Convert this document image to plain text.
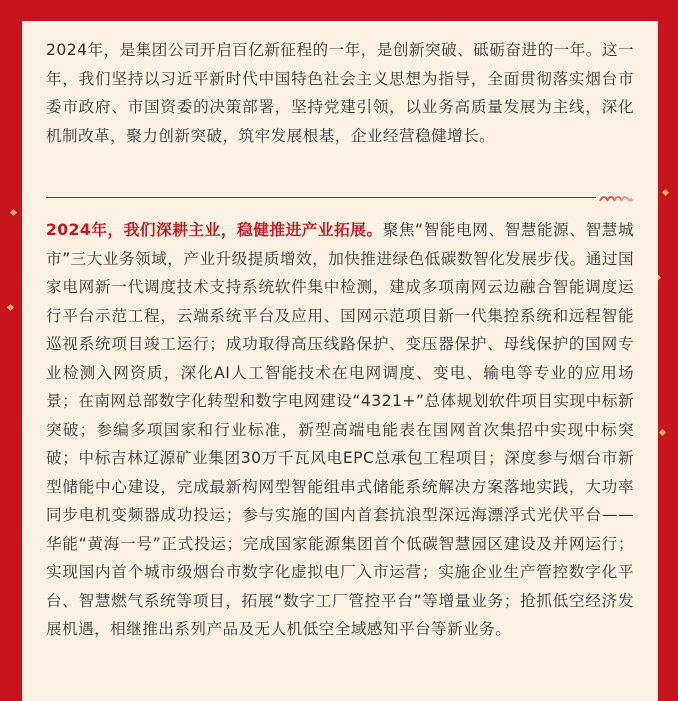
2024年，是集团公司开启百亿新征程的一年，是创新突破、砥砺奋进的一年。这一年，我们坚持以习近平新时代中国特色社会主义思想为指导，全面贯彻落实烟台市委市政府、市国资委的决策部署，坚持党建引领，以业务高质量发展为主线，深化机制改革，聚力创新突破，筑牢发展根基，企业经营稳健增长。

2024年，我们深耕主业，稳健推进产业拓展。聚焦“智能电网、智慧能源、智慧城市”三大业务领域，产业升级提质增效，加快推进绿色低碳数智化发展步伐。通过国家电网新一代调度技术支持系统软件集中检测，建成多项南网云边融合智能调度运行平台示范工程，云端系统平台及应用、国网示范项目新一代集控系统和远程智能巡视系统项目竣工运行；成功取得高压线路保护、变压器保护、母线保护的国网专业检测入网资质，深化AI人工智能技术在电网调度、变电、输电等专业的应用场景；在南网总部数字化转型和数字电网建设“4321+”总体规划软件项目实现中标新突破；参编多项国家和行业标准，新型高端电能表在国网首次集招中实现中标突破；中标吉林辽源矿业集团30万千瓦风电EPC总承包工程项目；深度参与烟台市新型储能中心建设，完成最新构网型智能组串式储能系统解决方案落地实践，大功率同步电机变频器成功投运；参与实施的国内首套抗浪型深远海漂浮式光伏平台——华能“黄海一号”正式投运；完成国家能源集团首个低碳智慧园区建设及并网运行；实现国内首个城市级烟台市数字化虚拟电厂入市运营；实施企业生产管控数字化平台、智慧燃气系统等项目，拓展“数字工厂管控平台”等增量业务；抢抓低空经济发展机遇，相继推出系列产品及无人机低空全域感知平台等新业务。
